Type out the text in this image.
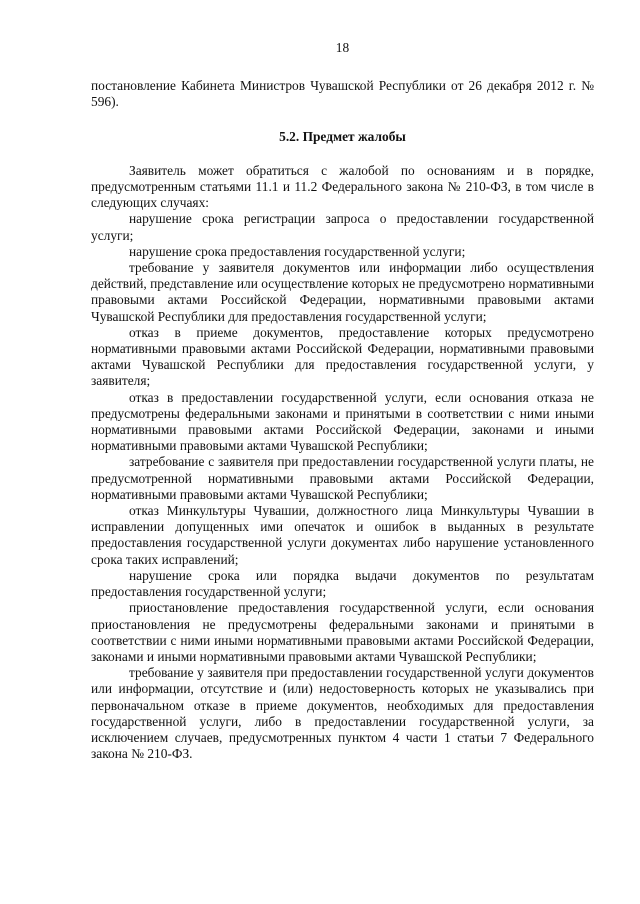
18

постановление Кабинета Министров Чувашской Республики от 26 декабря 2012 г. № 596).

5.2. Предмет жалобы

Заявитель может обратиться с жалобой по основаниям и в порядке, предусмотренным статьями 11.1 и 11.2 Федерального закона № 210-ФЗ, в том числе в следующих случаях:

нарушение срока регистрации запроса о предоставлении государственной услуги;

нарушение срока предоставления государственной услуги;

требование у заявителя документов или информации либо осуществления действий, представление или осуществление которых не предусмотрено нормативными правовыми актами Российской Федерации, нормативными правовыми актами Чувашской Республики для предоставления государственной услуги;

отказ в приеме документов, предоставление которых предусмотрено нормативными правовыми актами Российской Федерации, нормативными правовыми актами Чувашской Республики для предоставления государственной услуги, у заявителя;

отказ в предоставлении государственной услуги, если основания отказа не предусмотрены федеральными законами и принятыми в соответствии с ними иными нормативными правовыми актами Российской Федерации, законами и иными нормативными правовыми актами Чувашской Республики;

затребование с заявителя при предоставлении государственной услуги платы, не предусмотренной нормативными правовыми актами Российской Федерации, нормативными правовыми актами Чувашской Республики;

отказ Минкультуры Чувашии, должностного лица Минкультуры Чувашии в исправлении допущенных ими опечаток и ошибок в выданных в результате предоставления государственной услуги документах либо нарушение установленного срока таких исправлений;

нарушение срока или порядка выдачи документов по результатам предоставления государственной услуги;

приостановление предоставления государственной услуги, если основания приостановления не предусмотрены федеральными законами и принятыми в соответствии с ними иными нормативными правовыми актами Российской Федерации, законами и иными нормативными правовыми актами Чувашской Республики;

требование у заявителя при предоставлении государственной услуги документов или информации, отсутствие и (или) недостоверность которых не указывались при первоначальном отказе в приеме документов, необходимых для предоставления государственной услуги, либо в предоставлении государственной услуги, за исключением случаев, предусмотренных пунктом 4 части 1 статьи 7 Федерального закона № 210-ФЗ.
